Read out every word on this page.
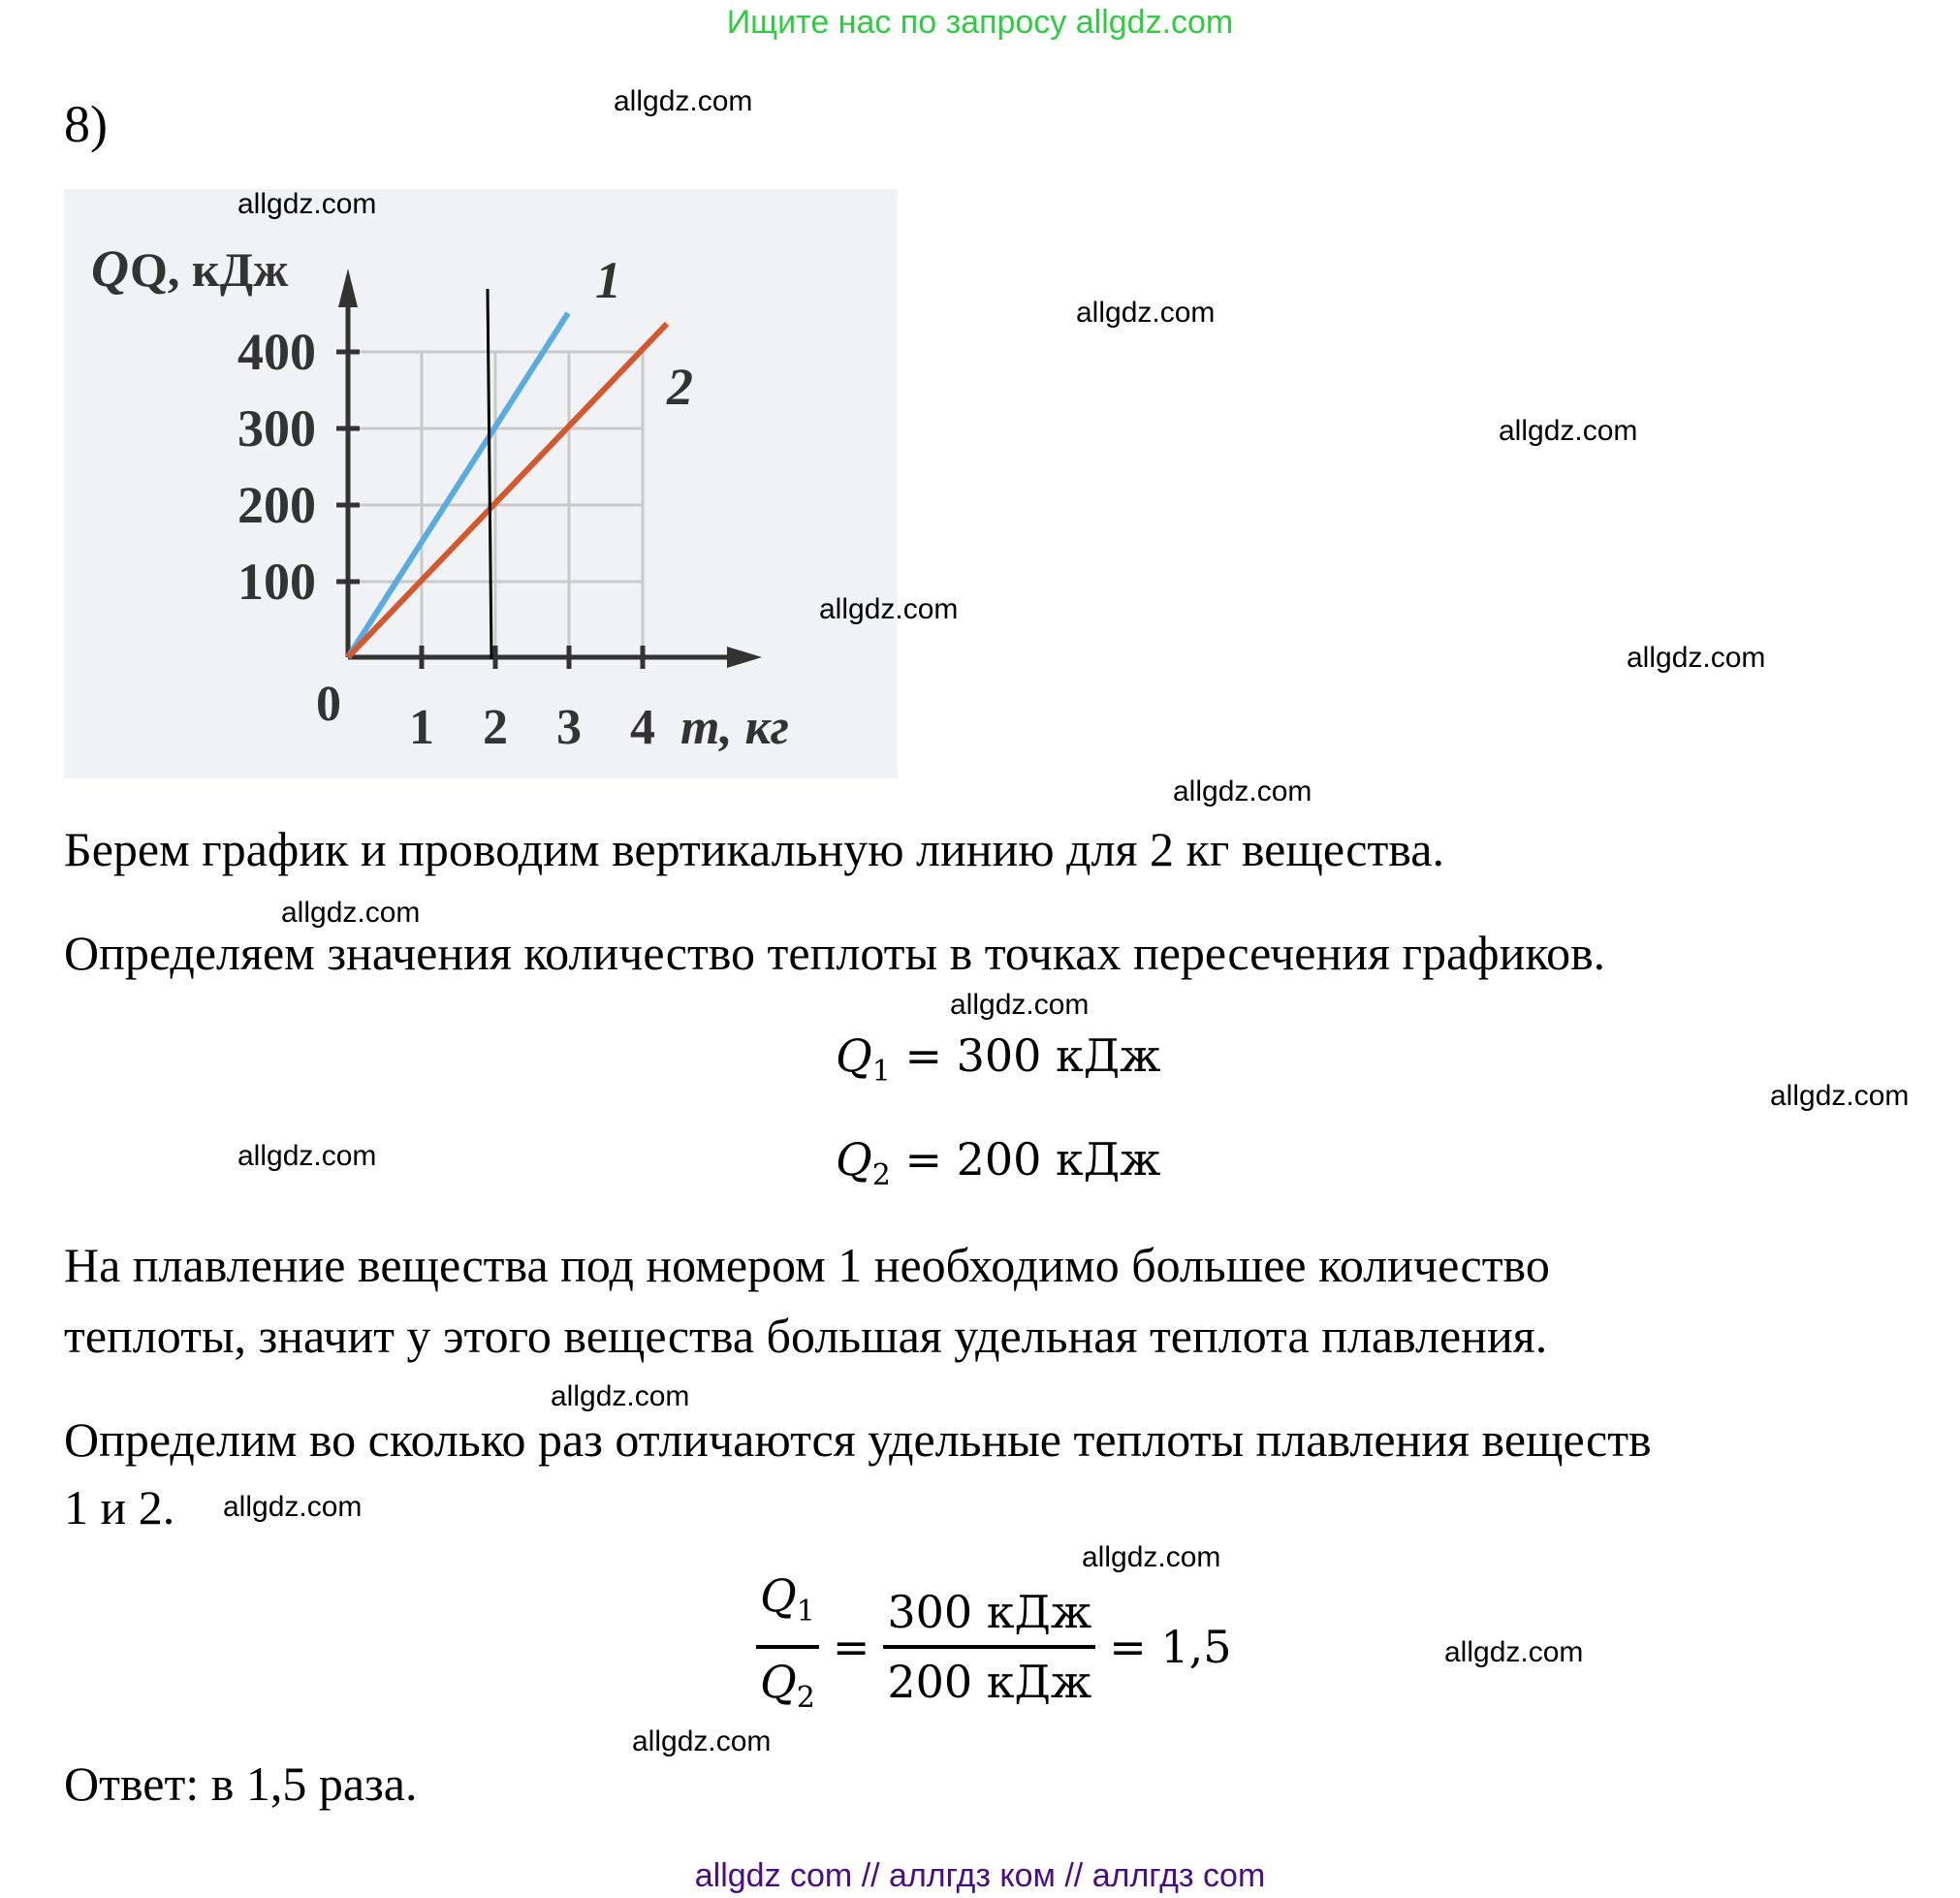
Ищите нас по запросу allgdz.com
8)
Q Q, кДж
100
200
300
400
0 1 2 3 4 m, кг
1
2
Берем график и проводим вертикальную линию для 2 кг вещества.
Определяем значения количество теплоты в точках пересечения графиков.
$Q_1 = 300$ кДж
$Q_2 = 200$ кДж
На плавление вещества под номером 1 необходимо большее количество
теплоты, значит у этого вещества большая удельная теплота плавления.
Определим во сколько раз отличаются удельные теплоты плавления веществ
1 и 2.
$\frac{Q_1}{Q_2} = \frac{\text{300 кДж}}{\text{200 кДж}} = 1,5$
Ответ: в 1,5 раза.
allgdz.com
allgdz.com
allgdz.com
allgdz.com
allgdz.com
allgdz.com
allgdz.com
allgdz.com
allgdz.com
allgdz.com
allgdz.com
allgdz.com
allgdz.com
allgdz.com
allgdz.com
allgdz.com
allgdz com // аллгдз ком // аллгдз com
